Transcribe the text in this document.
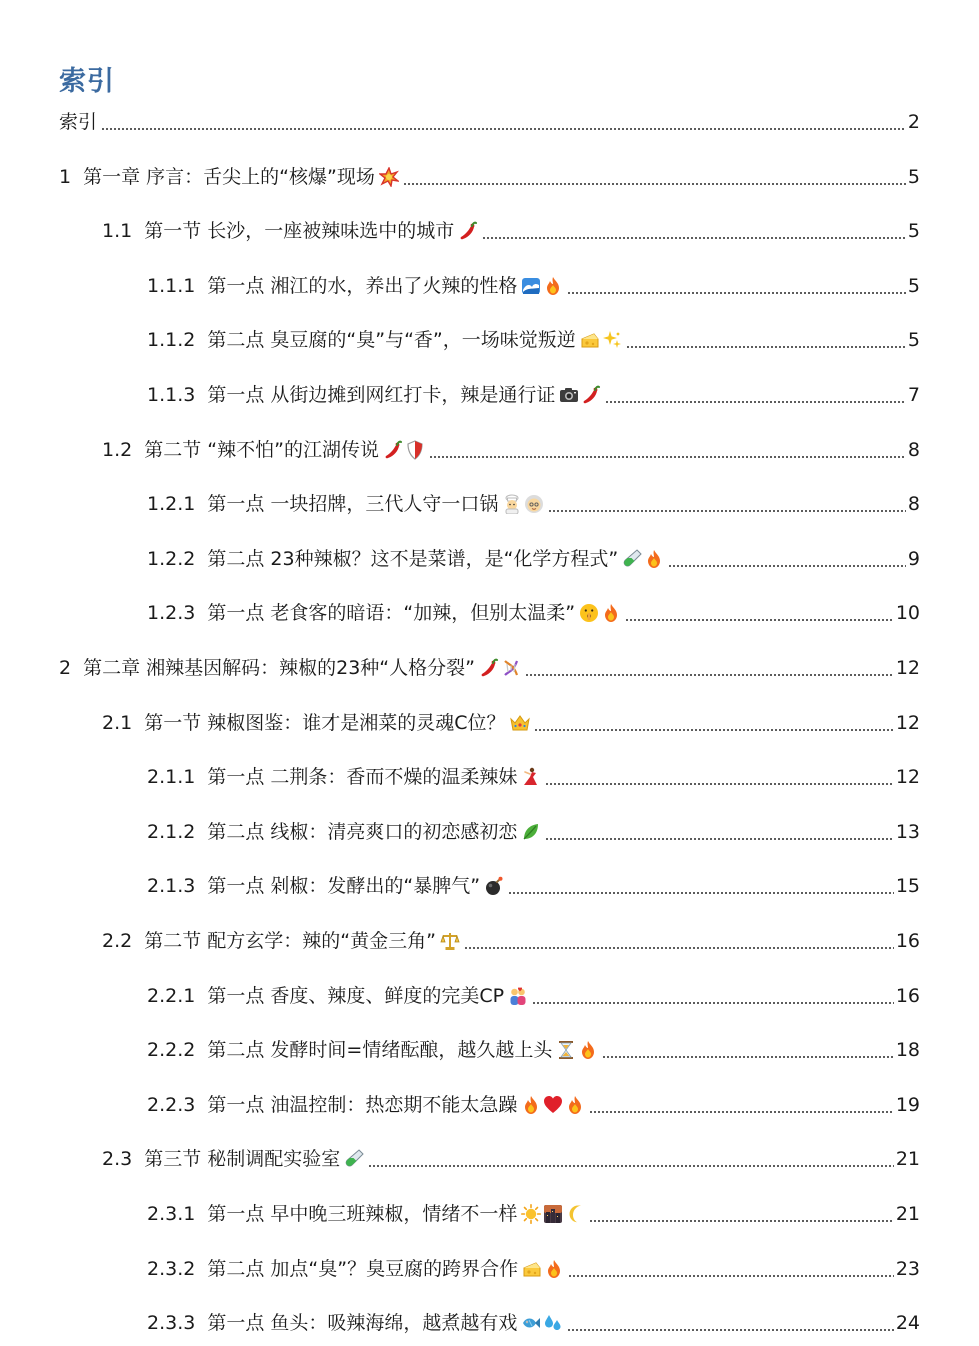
索引
索引	2
1 第一章 序言：舌尖上的“核爆”现场	5
1.1 第一节 长沙，一座被辣味选中的城市	5
1.1.1 第一点 湘江的水，养出了火辣的性格	5
1.1.2 第二点 臭豆腐的“臭”与“香”，一场味觉叛逆	5
1.1.3 第一点 从街边摊到网红打卡，辣是通行证	7
1.2 第二节 “辣不怕”的江湖传说	8
1.2.1 第一点 一块招牌，三代人守一口锅	8
1.2.2 第二点 23种辣椒？这不是菜谱，是“化学方程式”	9
1.2.3 第一点 老食客的暗语：“加辣，但别太温柔”	10
2 第二章 湘辣基因解码：辣椒的23种“人格分裂”	12
2.1 第一节 辣椒图鉴：谁才是湘菜的灵魂C位？	12
2.1.1 第一点 二荆条：香而不燥的温柔辣妹	12
2.1.2 第二点 线椒：清亮爽口的初恋感初恋	13
2.1.3 第一点 剁椒：发酵出的“暴脾气”	15
2.2 第二节 配方玄学：辣的“黄金三角”	16
2.2.1 第一点 香度、辣度、鲜度的完美CP	16
2.2.2 第二点 发酵时间=情绪酝酿，越久越上头	18
2.2.3 第一点 油温控制：热恋期不能太急躁	19
2.3 第三节 秘制调配实验室	21
2.3.1 第一点 早中晚三班辣椒，情绪不一样	21
2.3.2 第二点 加点“臭”？臭豆腐的跨界合作	23
2.3.3 第一点 鱼头：吸辣海绵，越煮越有戏	24
